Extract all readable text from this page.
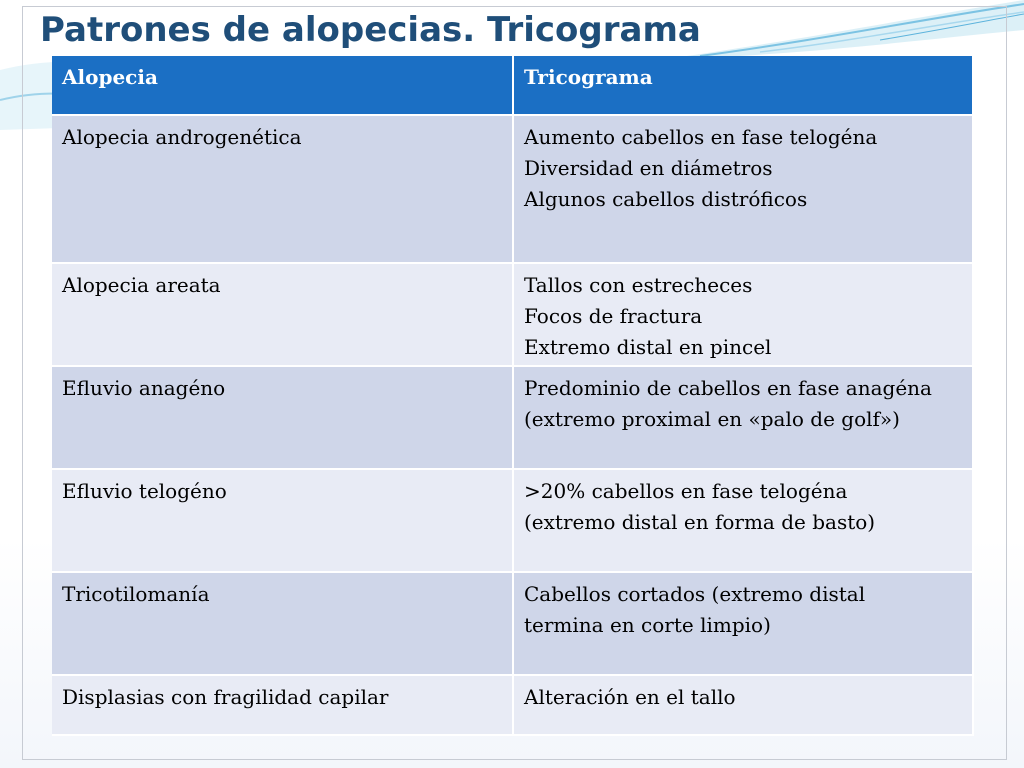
Patrones de alopecias. Tricograma
Alopecia	Tricograma
Alopecia androgenética	Aumento cabellos en fase telogéna
Diversidad en diámetros
Algunos cabellos distróficos

Alopecia areata	Tallos con estrecheces
Focos de fractura
Extremo distal en pincel

Efluvio anagéno	Predominio de cabellos en fase anagéna
(extremo proximal en «palo de golf»)

Efluvio telogéno	>20% cabellos en fase telogéna
(extremo distal en forma de basto)

Tricotilomanía	Cabellos cortados (extremo distal
termina en corte limpio)

Displasias con fragilidad capilar	Alteración en el tallo
